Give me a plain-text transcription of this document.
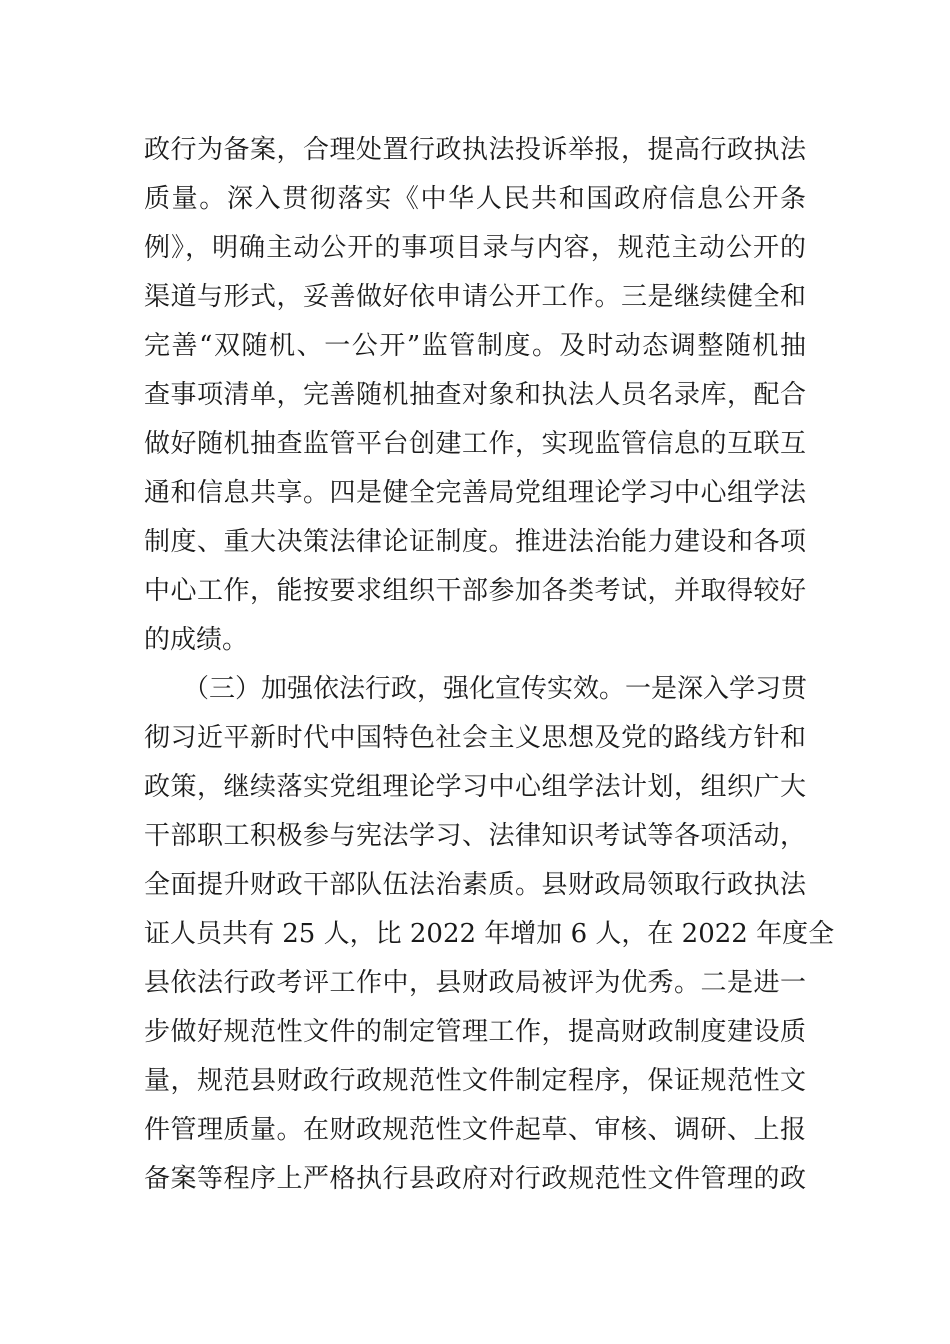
政行为备案，合理处置行政执法投诉举报，提高行政执法
质量。深入贯彻落实《中华人民共和国政府信息公开条
例》，明确主动公开的事项目录与内容，规范主动公开的
渠道与形式，妥善做好依申请公开工作。三是继续健全和
完善“双随机、一公开”监管制度。及时动态调整随机抽
查事项清单，完善随机抽查对象和执法人员名录库，配合
做好随机抽查监管平台创建工作，实现监管信息的互联互
通和信息共享。四是健全完善局党组理论学习中心组学法
制度、重大决策法律论证制度。推进法治能力建设和各项
中心工作，能按要求组织干部参加各类考试，并取得较好
的成绩。
　　（三）加强依法行政，强化宣传实效。一是深入学习贯
彻习近平新时代中国特色社会主义思想及党的路线方针和
政策，继续落实党组理论学习中心组学法计划，组织广大
干部职工积极参与宪法学习、法律知识考试等各项活动，
全面提升财政干部队伍法治素质。县财政局领取行政执法
证人员共有 25 人，比 2022 年增加 6 人，在 2022 年度全
县依法行政考评工作中，县财政局被评为优秀。二是进一
步做好规范性文件的制定管理工作，提高财政制度建设质
量，规范县财政行政规范性文件制定程序，保证规范性文
件管理质量。在财政规范性文件起草、审核、调研、上报
备案等程序上严格执行县政府对行政规范性文件管理的政
